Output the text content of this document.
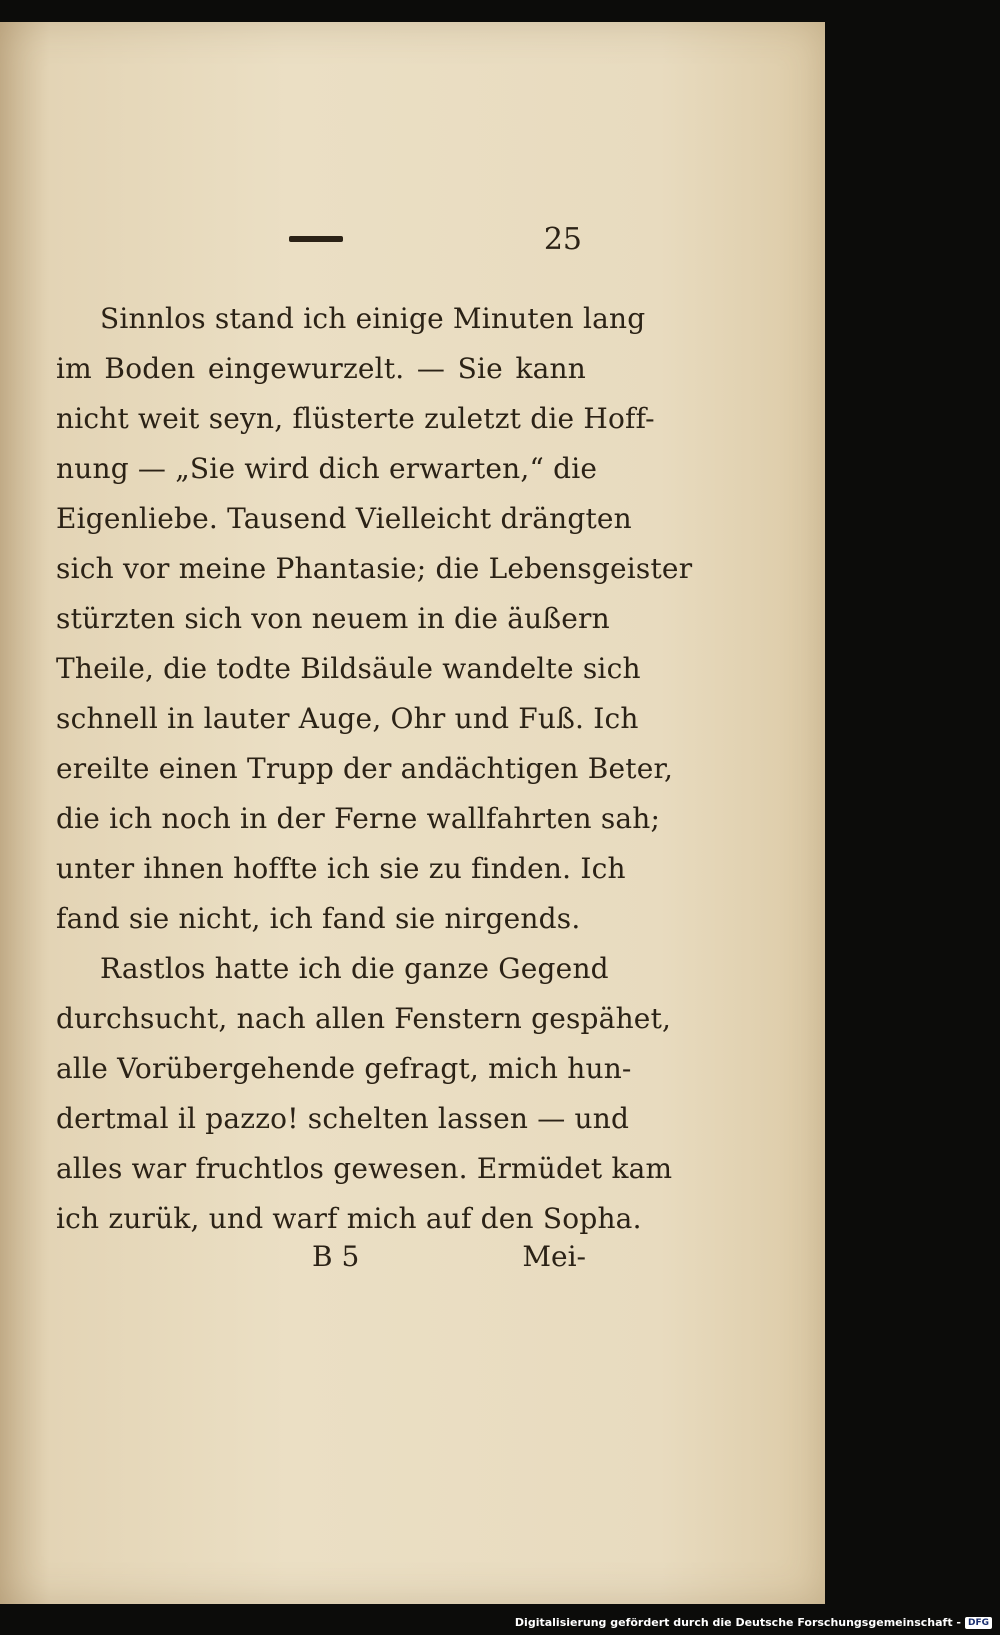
25
Sinnlos stand ich einige Minuten lang
im Boden eingewurzelt. — Sie kann
nicht weit seyn, flüsterte zuletzt die Hoff-
nung — „Sie wird dich erwarten,“ die
Eigenliebe. Tausend Vielleicht drängten
sich vor meine Phantasie; die Lebensgeister
stürzten sich von neuem in die äußern
Theile, die todte Bildsäule wandelte sich
schnell in lauter Auge, Ohr und Fuß. Ich
ereilte einen Trupp der andächtigen Beter,
die ich noch in der Ferne wallfahrten sah;
unter ihnen hoffte ich sie zu finden. Ich
fand sie nicht, ich fand sie nirgends.
Rastlos hatte ich die ganze Gegend
durchsucht, nach allen Fenstern gespähet,
alle Vorübergehende gefragt, mich hun-
dertmal il pazzo! schelten lassen — und
alles war fruchtlos gewesen. Ermüdet kam
ich zurük, und warf mich auf den Sopha.
B 5	Mei-
Digitalisierung gefördert durch die Deutsche Forschungsgemeinschaft - DFG
